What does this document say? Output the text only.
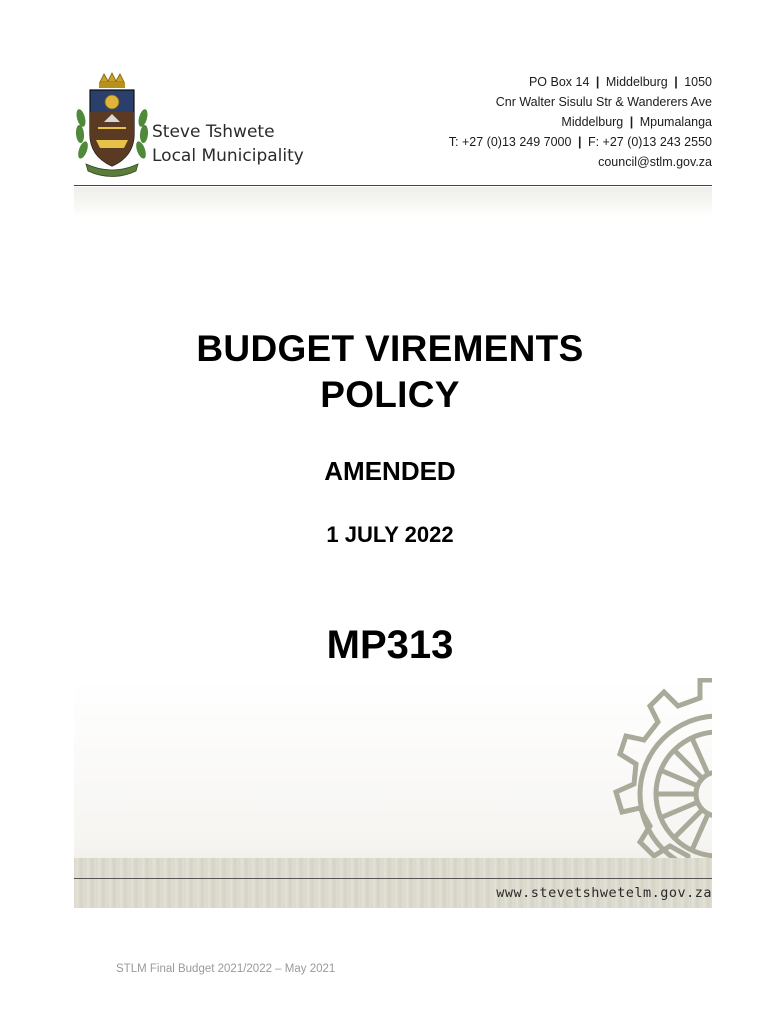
Steve Tshwete
Local Municipality
PO Box 14 | Middelburg | 1050
Cnr Walter Sisulu Str & Wanderers Ave
Middelburg | Mpumalanga
T: +27 (0)13 249 7000 | F: +27 (0)13 243 2550
council@stlm.gov.za
BUDGET VIREMENTS
POLICY
AMENDED
1 JULY 2022
MP313
www.stevetshwetelm.gov.za
STLM Final Budget 2021/2022 – May 2021
